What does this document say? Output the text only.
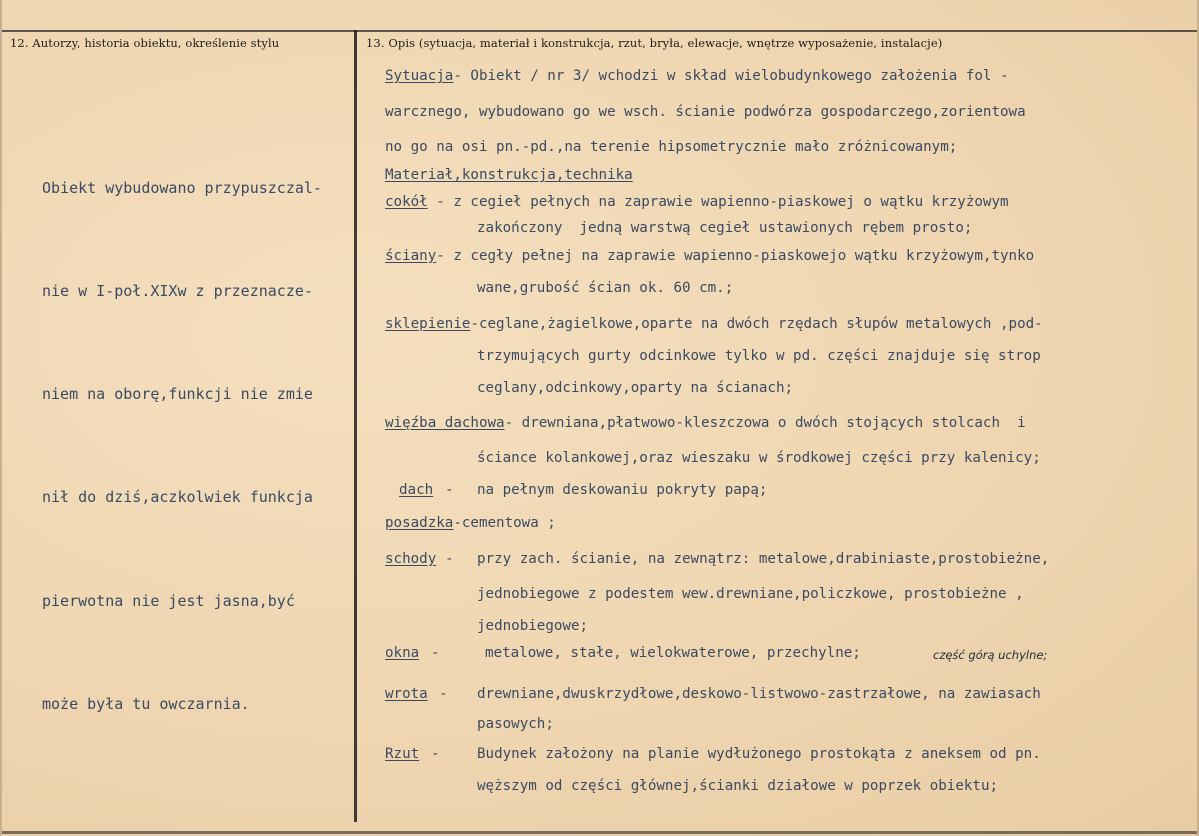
12. Autorzy, historia obiektu, określenie stylu	13. Opis (sytuacja, materiał i konstrukcja, rzut, bryła, elewacje, wnętrze wyposażenie, instalacje)

Obiekt wybudowano przypuszczal-

nie w I-poł.XIXw z przeznacze-

niem na oborę,funkcji nie zmie

nił do dziś,aczkolwiek funkcja

pierwotna nie jest jasna,być

może była tu owczarnia.

Sytuacja- Obiekt / nr 3/ wchodzi w skład wielobudynkowego założenia fol -
warcznego, wybudowano go we wsch. ścianie podwórza gospodarczego,zorientowa
no go na osi pn.-pd.,na terenie hipsometrycznie mało zróżnicowanym;
Materiał,konstrukcja,technika
cokół - z cegieł pełnych na zaprawie wapienno-piaskowej o wątku krzyżowym
zakończony  jedną warstwą cegieł ustawionych rębem prosto;
ściany- z cegły pełnej na zaprawie wapienno-piaskowejo wątku krzyżowym,tynko
wane,grubość ścian ok. 60 cm.;
sklepienie-ceglane,żagielkowe,oparte na dwóch rzędach słupów metalowych ,pod-
trzymujących gurty odcinkowe tylko w pd. części znajduje się strop
ceglany,odcinkowy,oparty na ścianach;
więźba dachowa- drewniana,płatwowo-kleszczowa o dwóch stojących stolcach  i
ściance kolankowej,oraz wieszaku w środkowej części przy kalenicy;
dach - na pełnym deskowaniu pokryty papą;
posadzka-cementowa ;
schody - przy zach. ścianie, na zewnątrz: metalowe,drabiniaste,prostobieżne,
jednobiegowe z podestem wew.drewniane,policzkowe, prostobieżne ,
jednobiegowe;
okna -	metalowe, stałe, wielokwaterowe, przechylne;	część górą uchylne;
wrota - drewniane,dwuskrzydłowe,deskowo-listwowo-zastrzałowe, na zawiasach
pasowych;
Rzut -	Budynek założony na planie wydłużonego prostokąta z aneksem od pn.
węższym od części głównej,ścianki działowe w poprzek obiektu;
